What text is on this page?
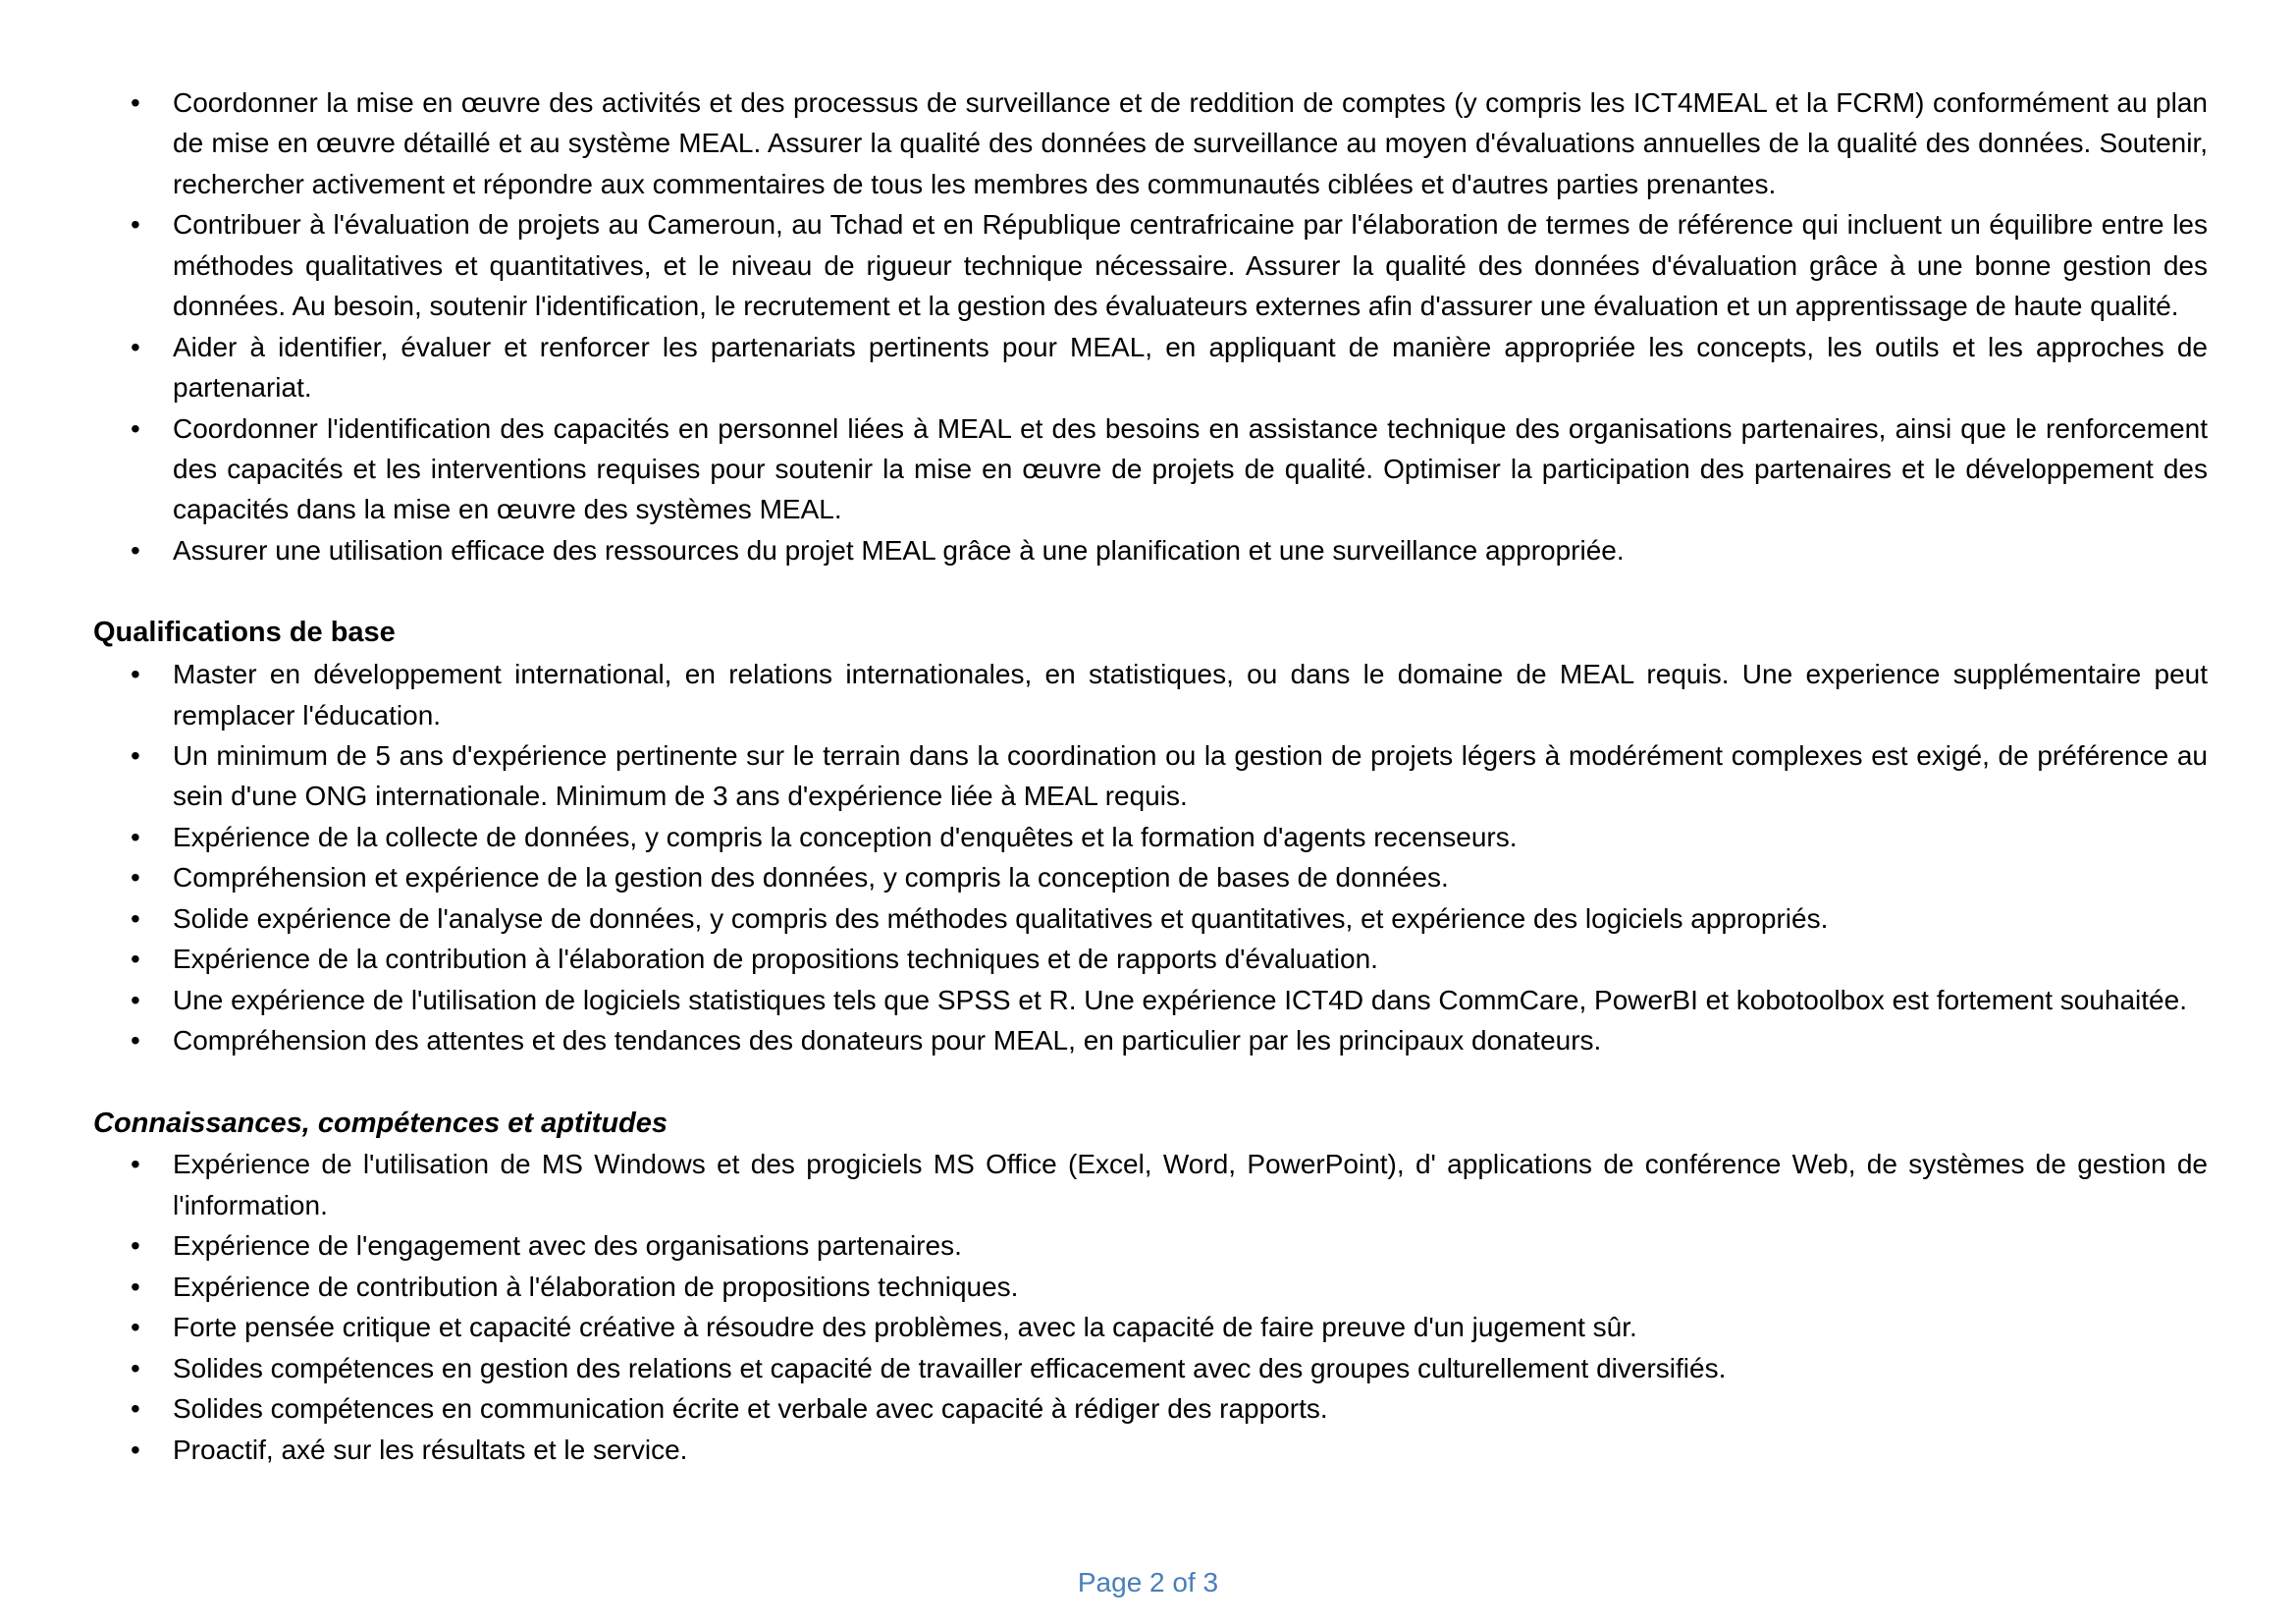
• Coordonner la mise en œuvre des activités et des processus de surveillance et de reddition de comptes (y compris les ICT4MEAL et la FCRM) conformément au plan de mise en œuvre détaillé et au système MEAL. Assurer la qualité des données de surveillance au moyen d'évaluations annuelles de la qualité des données. Soutenir, rechercher activement et répondre aux commentaires de tous les membres des communautés ciblées et d'autres parties prenantes.
• Contribuer à l'évaluation de projets au Cameroun, au Tchad et en République centrafricaine par l'élaboration de termes de référence qui incluent un équilibre entre les méthodes qualitatives et quantitatives, et le niveau de rigueur technique nécessaire. Assurer la qualité des données d'évaluation grâce à une bonne gestion des données. Au besoin, soutenir l'identification, le recrutement et la gestion des évaluateurs externes afin d'assurer une évaluation et un apprentissage de haute qualité.
• Aider à identifier, évaluer et renforcer les partenariats pertinents pour MEAL, en appliquant de manière appropriée les concepts, les outils et les approches de partenariat.
• Coordonner l'identification des capacités en personnel liées à MEAL et des besoins en assistance technique des organisations partenaires, ainsi que le renforcement des capacités et les interventions requises pour soutenir la mise en œuvre de projets de qualité. Optimiser la participation des partenaires et le développement des capacités dans la mise en œuvre des systèmes MEAL.
• Assurer une utilisation efficace des ressources du projet MEAL grâce à une planification et une surveillance appropriée.
Qualifications de base
• Master en développement international, en relations internationales, en statistiques, ou dans le domaine de MEAL requis. Une experience supplémentaire peut remplacer l'éducation.
• Un minimum de 5 ans d'expérience pertinente sur le terrain dans la coordination ou la gestion de projets légers à modérément complexes est exigé, de préférence au sein d'une ONG internationale. Minimum de 3 ans d'expérience liée à MEAL requis.
• Expérience de la collecte de données, y compris la conception d'enquêtes et la formation d'agents recenseurs.
• Compréhension et expérience de la gestion des données, y compris la conception de bases de données.
• Solide expérience de l'analyse de données, y compris des méthodes qualitatives et quantitatives, et expérience des logiciels appropriés.
• Expérience de la contribution à l'élaboration de propositions techniques et de rapports d'évaluation.
• Une expérience de l'utilisation de logiciels statistiques tels que SPSS et R. Une expérience ICT4D dans CommCare, PowerBI et kobotoolbox est fortement souhaitée.
• Compréhension des attentes et des tendances des donateurs pour MEAL, en particulier par les principaux donateurs.
Connaissances, compétences et aptitudes
• Expérience de l'utilisation de MS Windows et des progiciels MS Office (Excel, Word, PowerPoint), d' applications de conférence Web, de systèmes de gestion de l'information.
• Expérience de l'engagement avec des organisations partenaires.
• Expérience de contribution à l'élaboration de propositions techniques.
• Forte pensée critique et capacité créative à résoudre des problèmes, avec la capacité de faire preuve d'un jugement sûr.
• Solides compétences en gestion des relations et capacité de travailler efficacement avec des groupes culturellement diversifiés.
• Solides compétences en communication écrite et verbale avec capacité à rédiger des rapports.
• Proactif, axé sur les résultats et le service.
Page 2 of 3
